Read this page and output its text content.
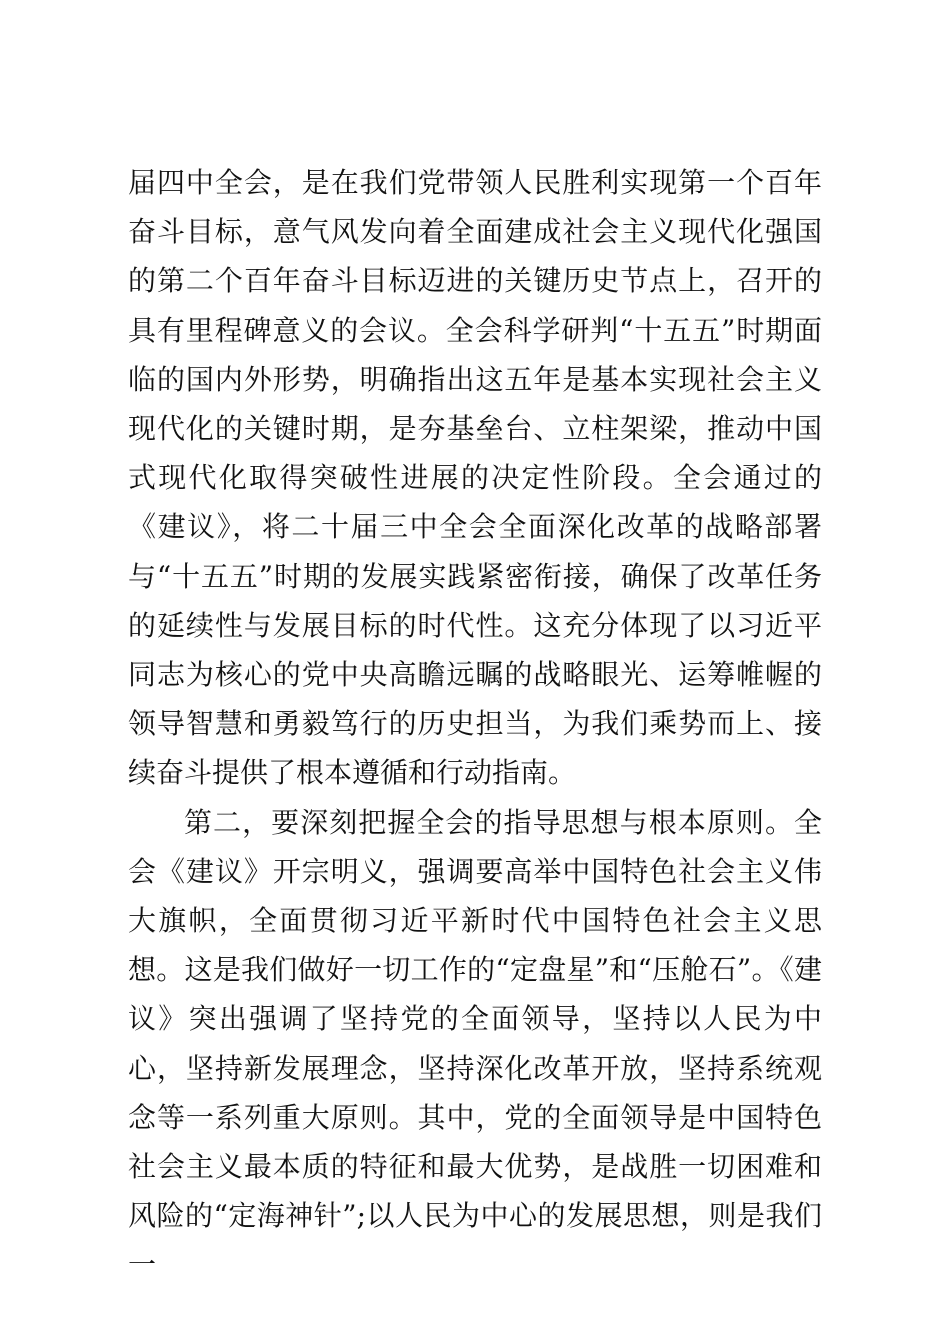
届四中全会，是在我们党带领人民胜利实现第一个百年奋斗目标，意气风发向着全面建成社会主义现代化强国的第二个百年奋斗目标迈进的关键历史节点上，召开的具有里程碑意义的会议。全会科学研判“十五五”时期面临的国内外形势，明确指出这五年是基本实现社会主义现代化的关键时期，是夯基垒台、立柱架梁，推动中国式现代化取得突破性进展的决定性阶段。全会通过的《建议》，将二十届三中全会全面深化改革的战略部署与“十五五”时期的发展实践紧密衔接，确保了改革任务的延续性与发展目标的时代性。这充分体现了以习近平同志为核心的党中央高瞻远瞩的战略眼光、运筹帷幄的领导智慧和勇毅笃行的历史担当，为我们乘势而上、接续奋斗提供了根本遵循和行动指南。

第二，要深刻把握全会的指导思想与根本原则。全会《建议》开宗明义，强调要高举中国特色社会主义伟大旗帜，全面贯彻习近平新时代中国特色社会主义思想。这是我们做好一切工作的“定盘星”和“压舱石”。《建议》突出强调了坚持党的全面领导，坚持以人民为中心，坚持新发展理念，坚持深化改革开放，坚持系统观念等一系列重大原则。其中，党的全面领导是中国特色社会主义最本质的特征和最大优势，是战胜一切困难和风险的“定海神针”;以人民为中心的发展思想，则是我们一
